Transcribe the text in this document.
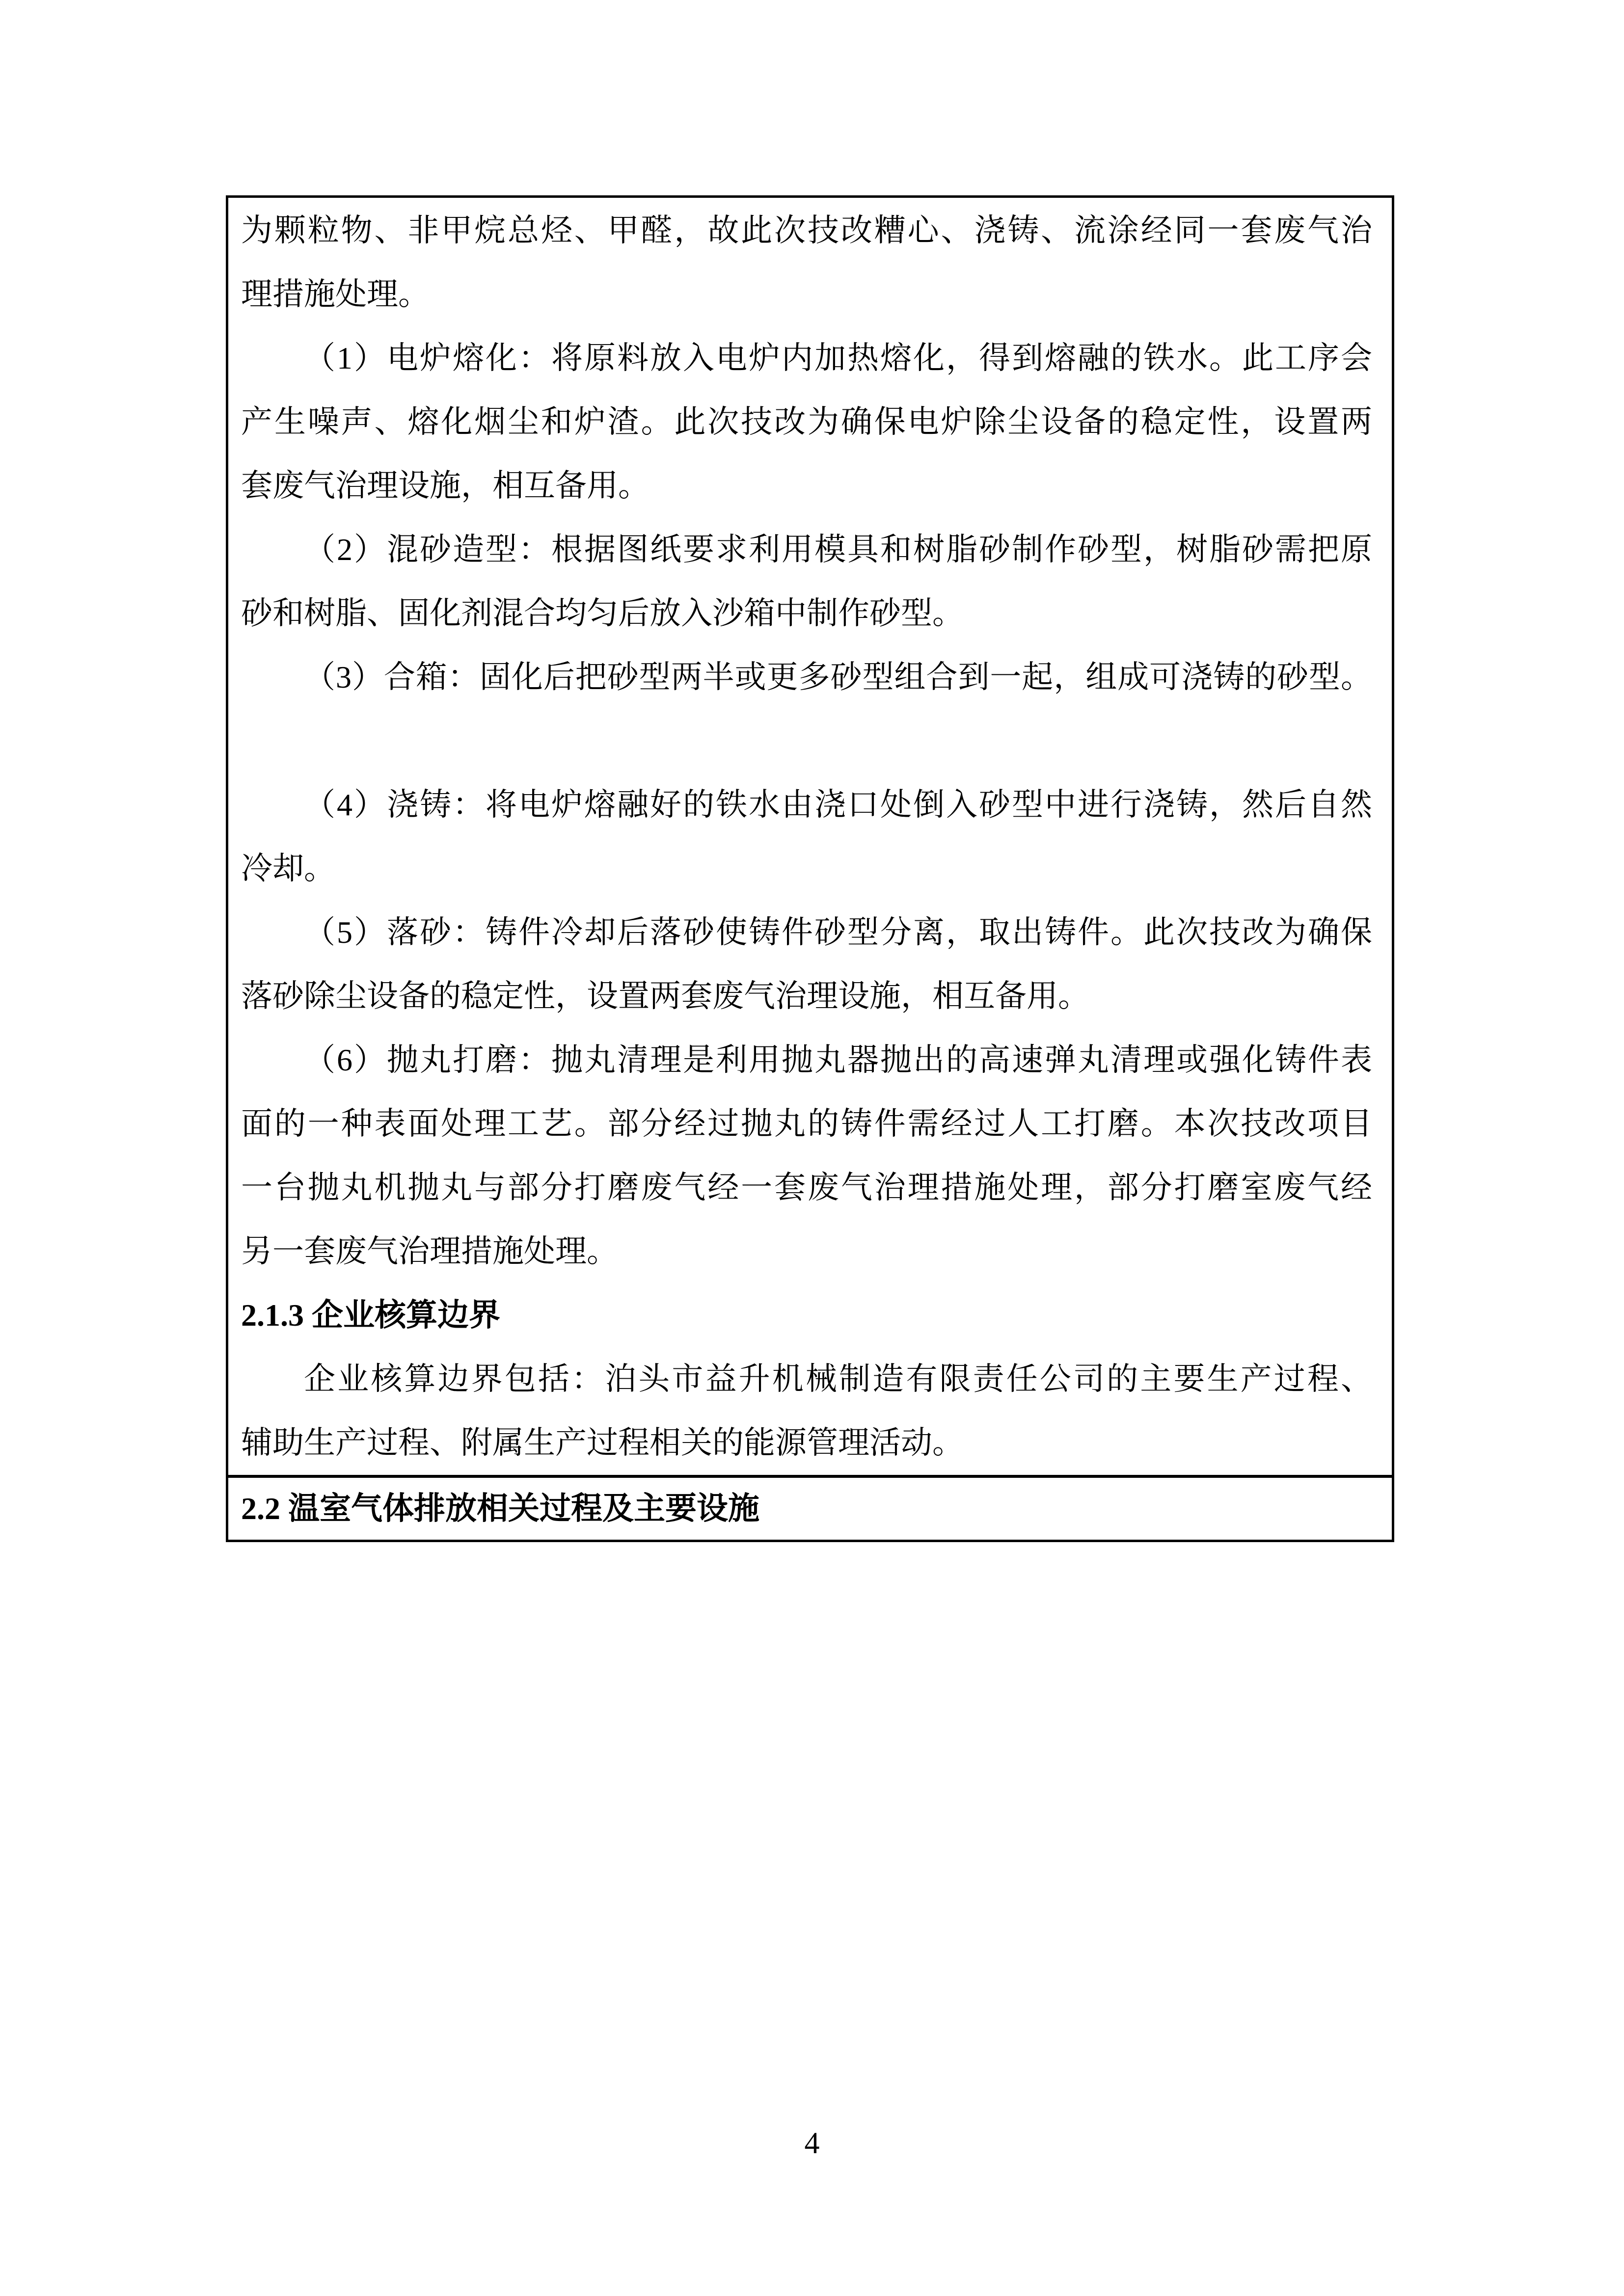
为颗粒物、非甲烷总烃、甲醛，故此次技改糟心、浇铸、流涂经同一套废气治
理措施处理。
（1）电炉熔化：将原料放入电炉内加热熔化，得到熔融的铁水。此工序会
产生噪声、熔化烟尘和炉渣。此次技改为确保电炉除尘设备的稳定性，设置两
套废气治理设施，相互备用。
（2）混砂造型：根据图纸要求利用模具和树脂砂制作砂型，树脂砂需把原
砂和树脂、固化剂混合均匀后放入沙箱中制作砂型。
（3）合箱：固化后把砂型两半或更多砂型组合到一起，组成可浇铸的砂型。
（4）浇铸：将电炉熔融好的铁水由浇口处倒入砂型中进行浇铸，然后自然
冷却。
（5）落砂：铸件冷却后落砂使铸件砂型分离，取出铸件。此次技改为确保
落砂除尘设备的稳定性，设置两套废气治理设施，相互备用。
（6）抛丸打磨：抛丸清理是利用抛丸器抛出的高速弹丸清理或强化铸件表
面的一种表面处理工艺。部分经过抛丸的铸件需经过人工打磨。本次技改项目
一台抛丸机抛丸与部分打磨废气经一套废气治理措施处理，部分打磨室废气经
另一套废气治理措施处理。
2.1.3 企业核算边界
企业核算边界包括：泊头市益升机械制造有限责任公司的主要生产过程、
辅助生产过程、附属生产过程相关的能源管理活动。
2.2 温室气体排放相关过程及主要设施
4
